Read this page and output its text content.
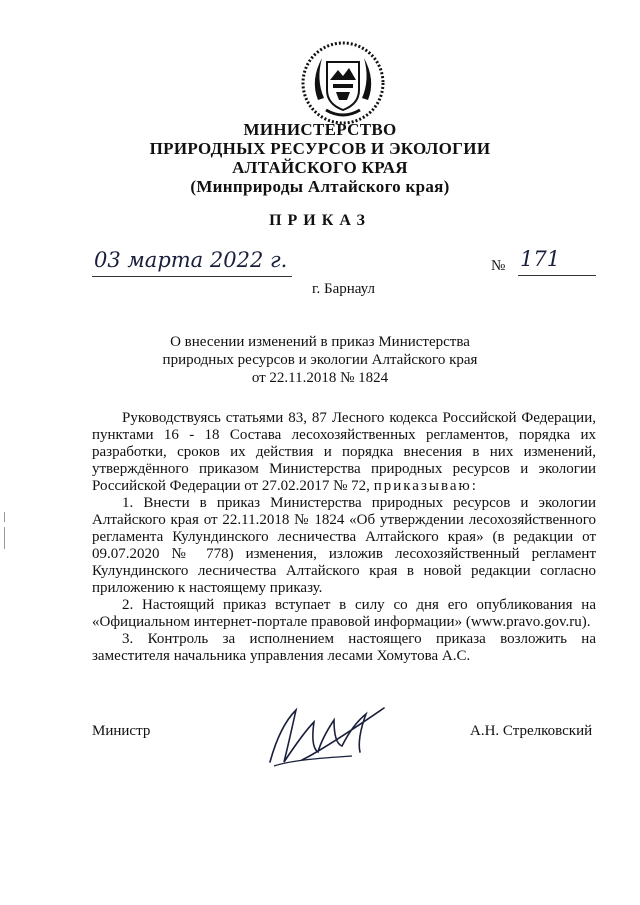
МИНИСТЕРСТВО
ПРИРОДНЫХ РЕСУРСОВ И ЭКОЛОГИИ
АЛТАЙСКОГО КРАЯ
(Минприроды Алтайского края)
ПРИКАЗ
03 марта 2022 г.	№ 171
г. Барнаул
О внесении изменений в приказ Министерства
природных ресурсов и экологии Алтайского края
от 22.11.2018 № 1824

Руководствуясь статьями 83, 87 Лесного кодекса Российской Федерации, пунктами 16 - 18 Состава лесохозяйственных регламентов, порядка их разработки, сроков их действия и порядка внесения в них изменений, утверждённого приказом Министерства природных ресурсов и экологии Российской Федерации от 27.02.2017 № 72, приказываю:

1. Внести в приказ Министерства природных ресурсов и экологии Алтайского края от 22.11.2018 № 1824 «Об утверждении лесохозяйственного регламента Кулундинского лесничества Алтайского края» (в редакции от 09.07.2020 № 778) изменения, изложив лесохозяйственный регламент Кулундинского лесничества Алтайского края в новой редакции согласно приложению к настоящему приказу.

2. Настоящий приказ вступает в силу со дня его опубликования на «Официальном интернет-портале правовой информации» (www.pravo.gov.ru).

3. Контроль за исполнением настоящего приказа возложить на заместителя начальника управления лесами Хомутова А.С.

Министр	А.Н. Стрелковский
